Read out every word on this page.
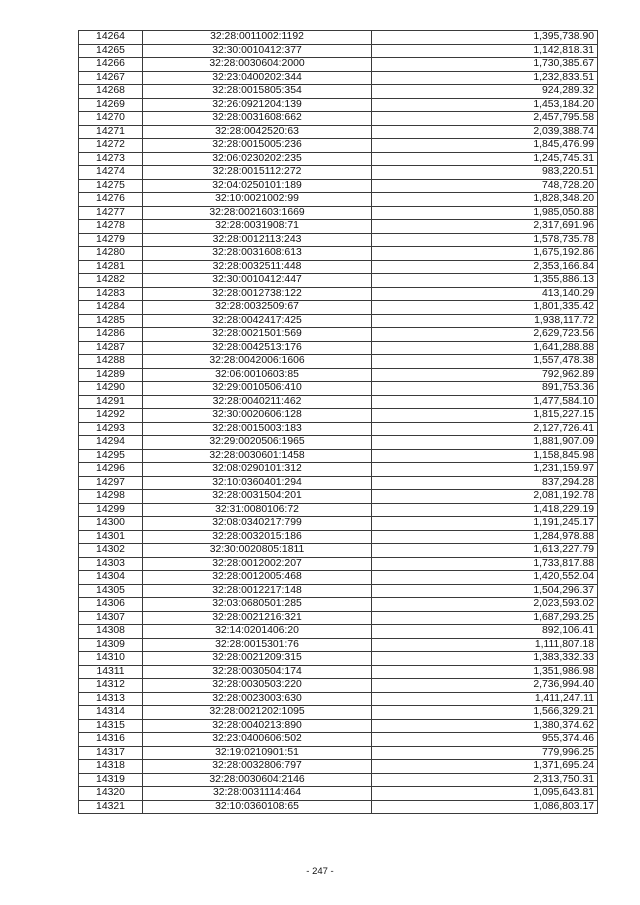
14264	32:28:0011002:1192	1,395,738.90
14265	32:30:0010412:377	1,142,818.31
14266	32:28:0030604:2000	1,730,385.67
14267	32:23:0400202:344	1,232,833.51
14268	32:28:0015805:354	924,289.32
14269	32:26:0921204:139	1,453,184.20
14270	32:28:0031608:662	2,457,795.58
14271	32:28:0042520:63	2,039,388.74
14272	32:28:0015005:236	1,845,476.99
14273	32:06:0230202:235	1,245,745.31
14274	32:28:0015112:272	983,220.51
14275	32:04:0250101:189	748,728.20
14276	32:10:0021002:99	1,828,348.20
14277	32:28:0021603:1669	1,985,050.88
14278	32:28:0031908:71	2,317,691.96
14279	32:28:0012113:243	1,578,735.78
14280	32:28:0031608:613	1,675,192.86
14281	32:28:0032511:448	2,353,166.84
14282	32:30:0010412:447	1,355,886.13
14283	32:28:0012738:122	413,140.29
14284	32:28:0032509:67	1,801,335.42
14285	32:28:0042417:425	1,938,117.72
14286	32:28:0021501:569	2,629,723.56
14287	32:28:0042513:176	1,641,288.88
14288	32:28:0042006:1606	1,557,478.38
14289	32:06:0010603:85	792,962.89
14290	32:29:0010506:410	891,753.36
14291	32:28:0040211:462	1,477,584.10
14292	32:30:0020606:128	1,815,227.15
14293	32:28:0015003:183	2,127,726.41
14294	32:29:0020506:1965	1,881,907.09
14295	32:28:0030601:1458	1,158,845.98
14296	32:08:0290101:312	1,231,159.97
14297	32:10:0360401:294	837,294.28
14298	32:28:0031504:201	2,081,192.78
14299	32:31:0080106:72	1,418,229.19
14300	32:08:0340217:799	1,191,245.17
14301	32:28:0032015:186	1,284,978.88
14302	32:30:0020805:1811	1,613,227.79
14303	32:28:0012002:207	1,733,817.88
14304	32:28:0012005:468	1,420,552.04
14305	32:28:0012217:148	1,504,296.37
14306	32:03:0680501:285	2,023,593.02
14307	32:28:0021216:321	1,687,293.25
14308	32:14:0201406:20	892,106.41
14309	32:28:0015301:76	1,111,807.18
14310	32:28:0021209:315	1,383,332.33
14311	32:28:0030504:174	1,351,986.98
14312	32:28:0030503:220	2,736,994.40
14313	32:28:0023003:630	1,411,247.11
14314	32:28:0021202:1095	1,566,329.21
14315	32:28:0040213:890	1,380,374.62
14316	32:23:0400606:502	955,374.46
14317	32:19:0210901:51	779,996.25
14318	32:28:0032806:797	1,371,695.24
14319	32:28:0030604:2146	2,313,750.31
14320	32:28:0031114:464	1,095,643.81
14321	32:10:0360108:65	1,086,803.17
- 247 -
